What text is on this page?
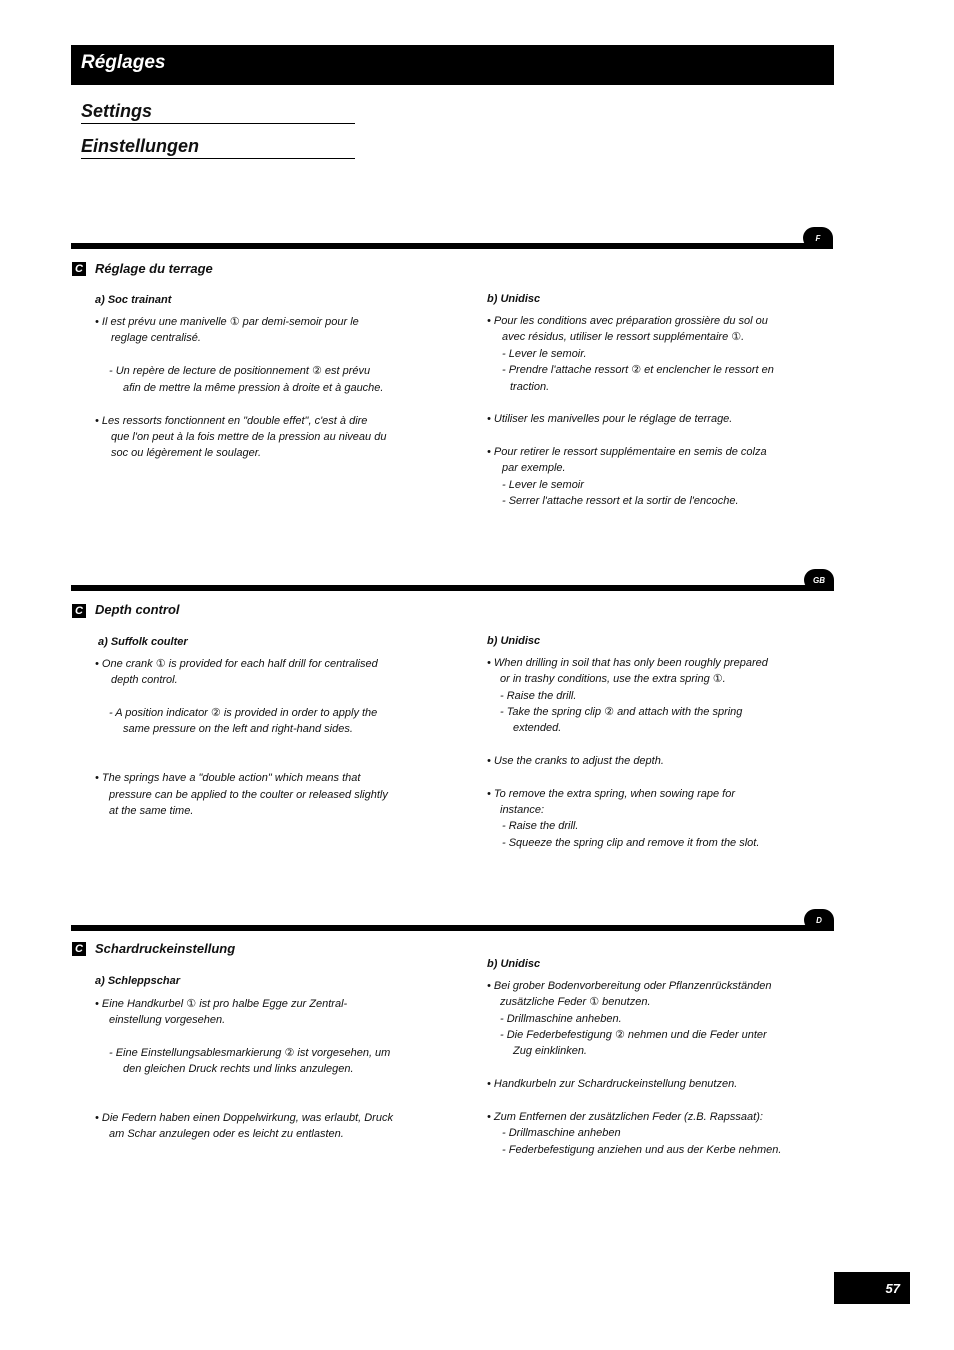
Réglages
Settings
Einstellungen
F
C Réglage du terrage
a) Soc trainant
• Il est prévu une manivelle ① par demi-semoir pour le
reglage centralisé.
- Un repère de lecture de positionnement ② est prévu
afin de mettre la même pression à droite et à gauche.
• Les ressorts fonctionnent en "double effet", c'est à dire
que l'on peut à la fois mettre de la pression au niveau du
soc ou légèrement le soulager.
b) Unidisc
• Pour les conditions avec préparation grossière du sol ou
avec résidus, utiliser le ressort supplémentaire ①.
- Lever le semoir.
- Prendre l'attache ressort ② et enclencher le ressort en
traction.
• Utiliser les manivelles pour le réglage de terrage.
• Pour retirer le ressort supplémentaire en semis de colza
par exemple.
- Lever le semoir
- Serrer l'attache ressort et la sortir de l'encoche.
GB
C Depth control
a) Suffolk coulter
• One crank ① is provided for each half drill for centralised
depth control.
- A position indicator ② is provided in order to apply the
same pressure on the left and right-hand sides.
• The springs have a "double action" which means that
pressure can be applied to the coulter or released slightly
at the same time.
b) Unidisc
• When drilling in soil that has only been roughly prepared
or in trashy conditions, use the extra spring ①.
- Raise the drill.
- Take the spring clip ② and attach with the spring
extended.
• Use the cranks to adjust the depth.
• To remove the extra spring, when sowing rape for
instance:
- Raise the drill.
- Squeeze the spring clip and remove it from the slot.
D
C Schardruckeinstellung
a) Schleppschar
• Eine Handkurbel ① ist pro halbe Egge zur Zentral-
einstellung vorgesehen.
- Eine Einstellungsablesmarkierung ② ist vorgesehen, um
den gleichen Druck rechts und links anzulegen.
• Die Federn haben einen Doppelwirkung, was erlaubt, Druck
am Schar anzulegen oder es leicht zu entlasten.
b) Unidisc
• Bei grober Bodenvorbereitung oder Pflanzenrückständen
zusätzliche Feder ① benutzen.
- Drillmaschine anheben.
- Die Federbefestigung ② nehmen und die Feder unter
Zug einklinken.
• Handkurbeln zur Schardruckeinstellung benutzen.
• Zum Entfernen der zusätzlichen Feder (z.B. Rapssaat):
- Drillmaschine anheben
- Federbefestigung anziehen und aus der Kerbe nehmen.
57
